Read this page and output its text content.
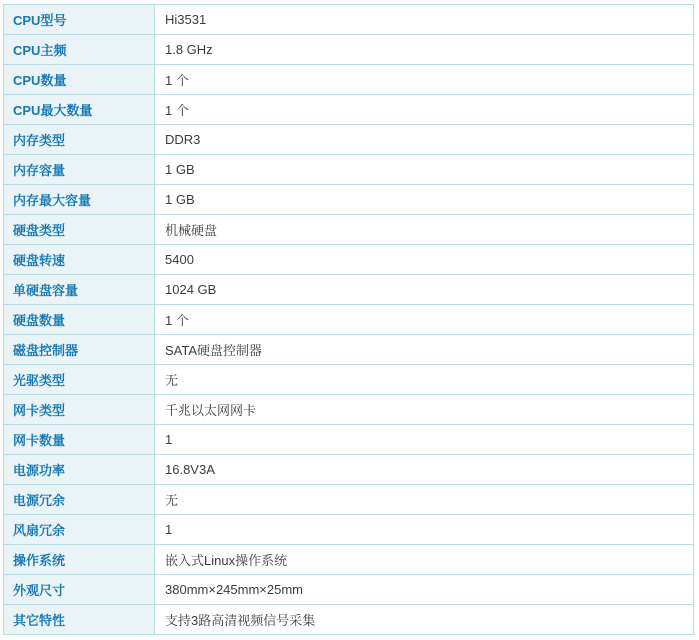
CPU型号	Hi3531
CPU主频	1.8 GHz
CPU数量	1 个
CPU最大数量	1 个
内存类型	DDR3
内存容量	1 GB
内存最大容量	1 GB
硬盘类型	机械硬盘
硬盘转速	5400
单硬盘容量	1024 GB
硬盘数量	1 个
磁盘控制器	SATA硬盘控制器
光驱类型	无
网卡类型	千兆以太网网卡
网卡数量	1
电源功率	16.8V3A
电源冗余	无
风扇冗余	1
操作系统	嵌入式Linux操作系统
外观尺寸	380mm×245mm×25mm
其它特性	支持3路高清视频信号采集
